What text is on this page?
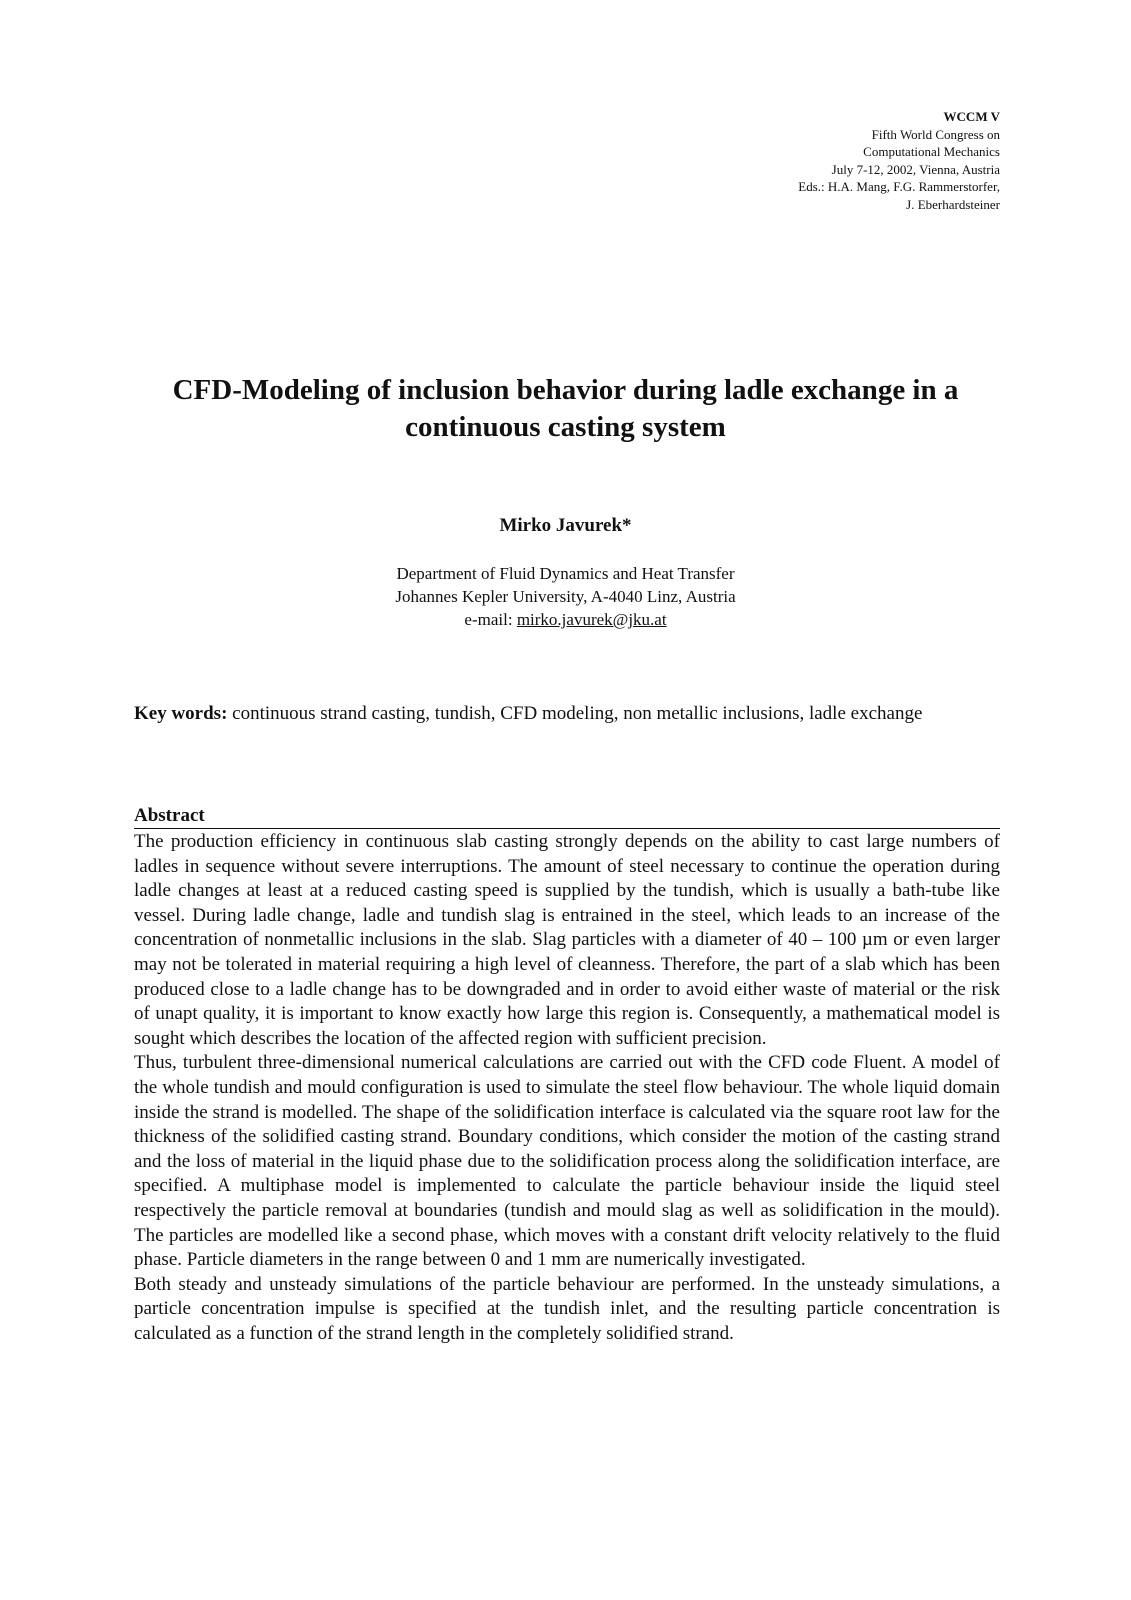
WCCM V
Fifth World Congress on
Computational Mechanics
July 7-12, 2002, Vienna, Austria
Eds.: H.A. Mang, F.G. Rammerstorfer,
J. Eberhardsteiner
CFD-Modeling of inclusion behavior during ladle exchange in a
continuous casting system
Mirko Javurek*
Department of Fluid Dynamics and Heat Transfer
Johannes Kepler University, A-4040 Linz, Austria
e-mail: mirko.javurek@jku.at
Key words: continuous strand casting, tundish, CFD modeling, non metallic inclusions, ladle exchange
Abstract

The production efficiency in continuous slab casting strongly depends on the ability to cast large numbers of ladles in sequence without severe interruptions. The amount of steel necessary to continue the operation during ladle changes at least at a reduced casting speed is supplied by the tundish, which is usually a bath-tube like vessel. During ladle change, ladle and tundish slag is entrained in the steel, which leads to an increase of the concentration of nonmetallic inclusions in the slab. Slag particles with a diameter of 40 – 100 µm or even larger may not be tolerated in material requiring a high level of cleanness. Therefore, the part of a slab which has been produced close to a ladle change has to be downgraded and in order to avoid either waste of material or the risk of unapt quality, it is important to know exactly how large this region is. Consequently, a mathematical model is sought which describes the location of the affected region with sufficient precision.

Thus, turbulent three-dimensional numerical calculations are carried out with the CFD code Fluent. A model of the whole tundish and mould configuration is used to simulate the steel flow behaviour. The whole liquid domain inside the strand is modelled. The shape of the solidification interface is calculated via the square root law for the thickness of the solidified casting strand. Boundary conditions, which consider the motion of the casting strand and the loss of material in the liquid phase due to the solidification process along the solidification interface, are specified. A multiphase model is implemented to calculate the particle behaviour inside the liquid steel respectively the particle removal at boundaries (tundish and mould slag as well as solidification in the mould). The particles are modelled like a second phase, which moves with a constant drift velocity relatively to the fluid phase. Particle diameters in the range between 0 and 1 mm are numerically investigated.

Both steady and unsteady simulations of the particle behaviour are performed. In the unsteady simulations, a particle concentration impulse is specified at the tundish inlet, and the resulting particle concentration is calculated as a function of the strand length in the completely solidified strand.
